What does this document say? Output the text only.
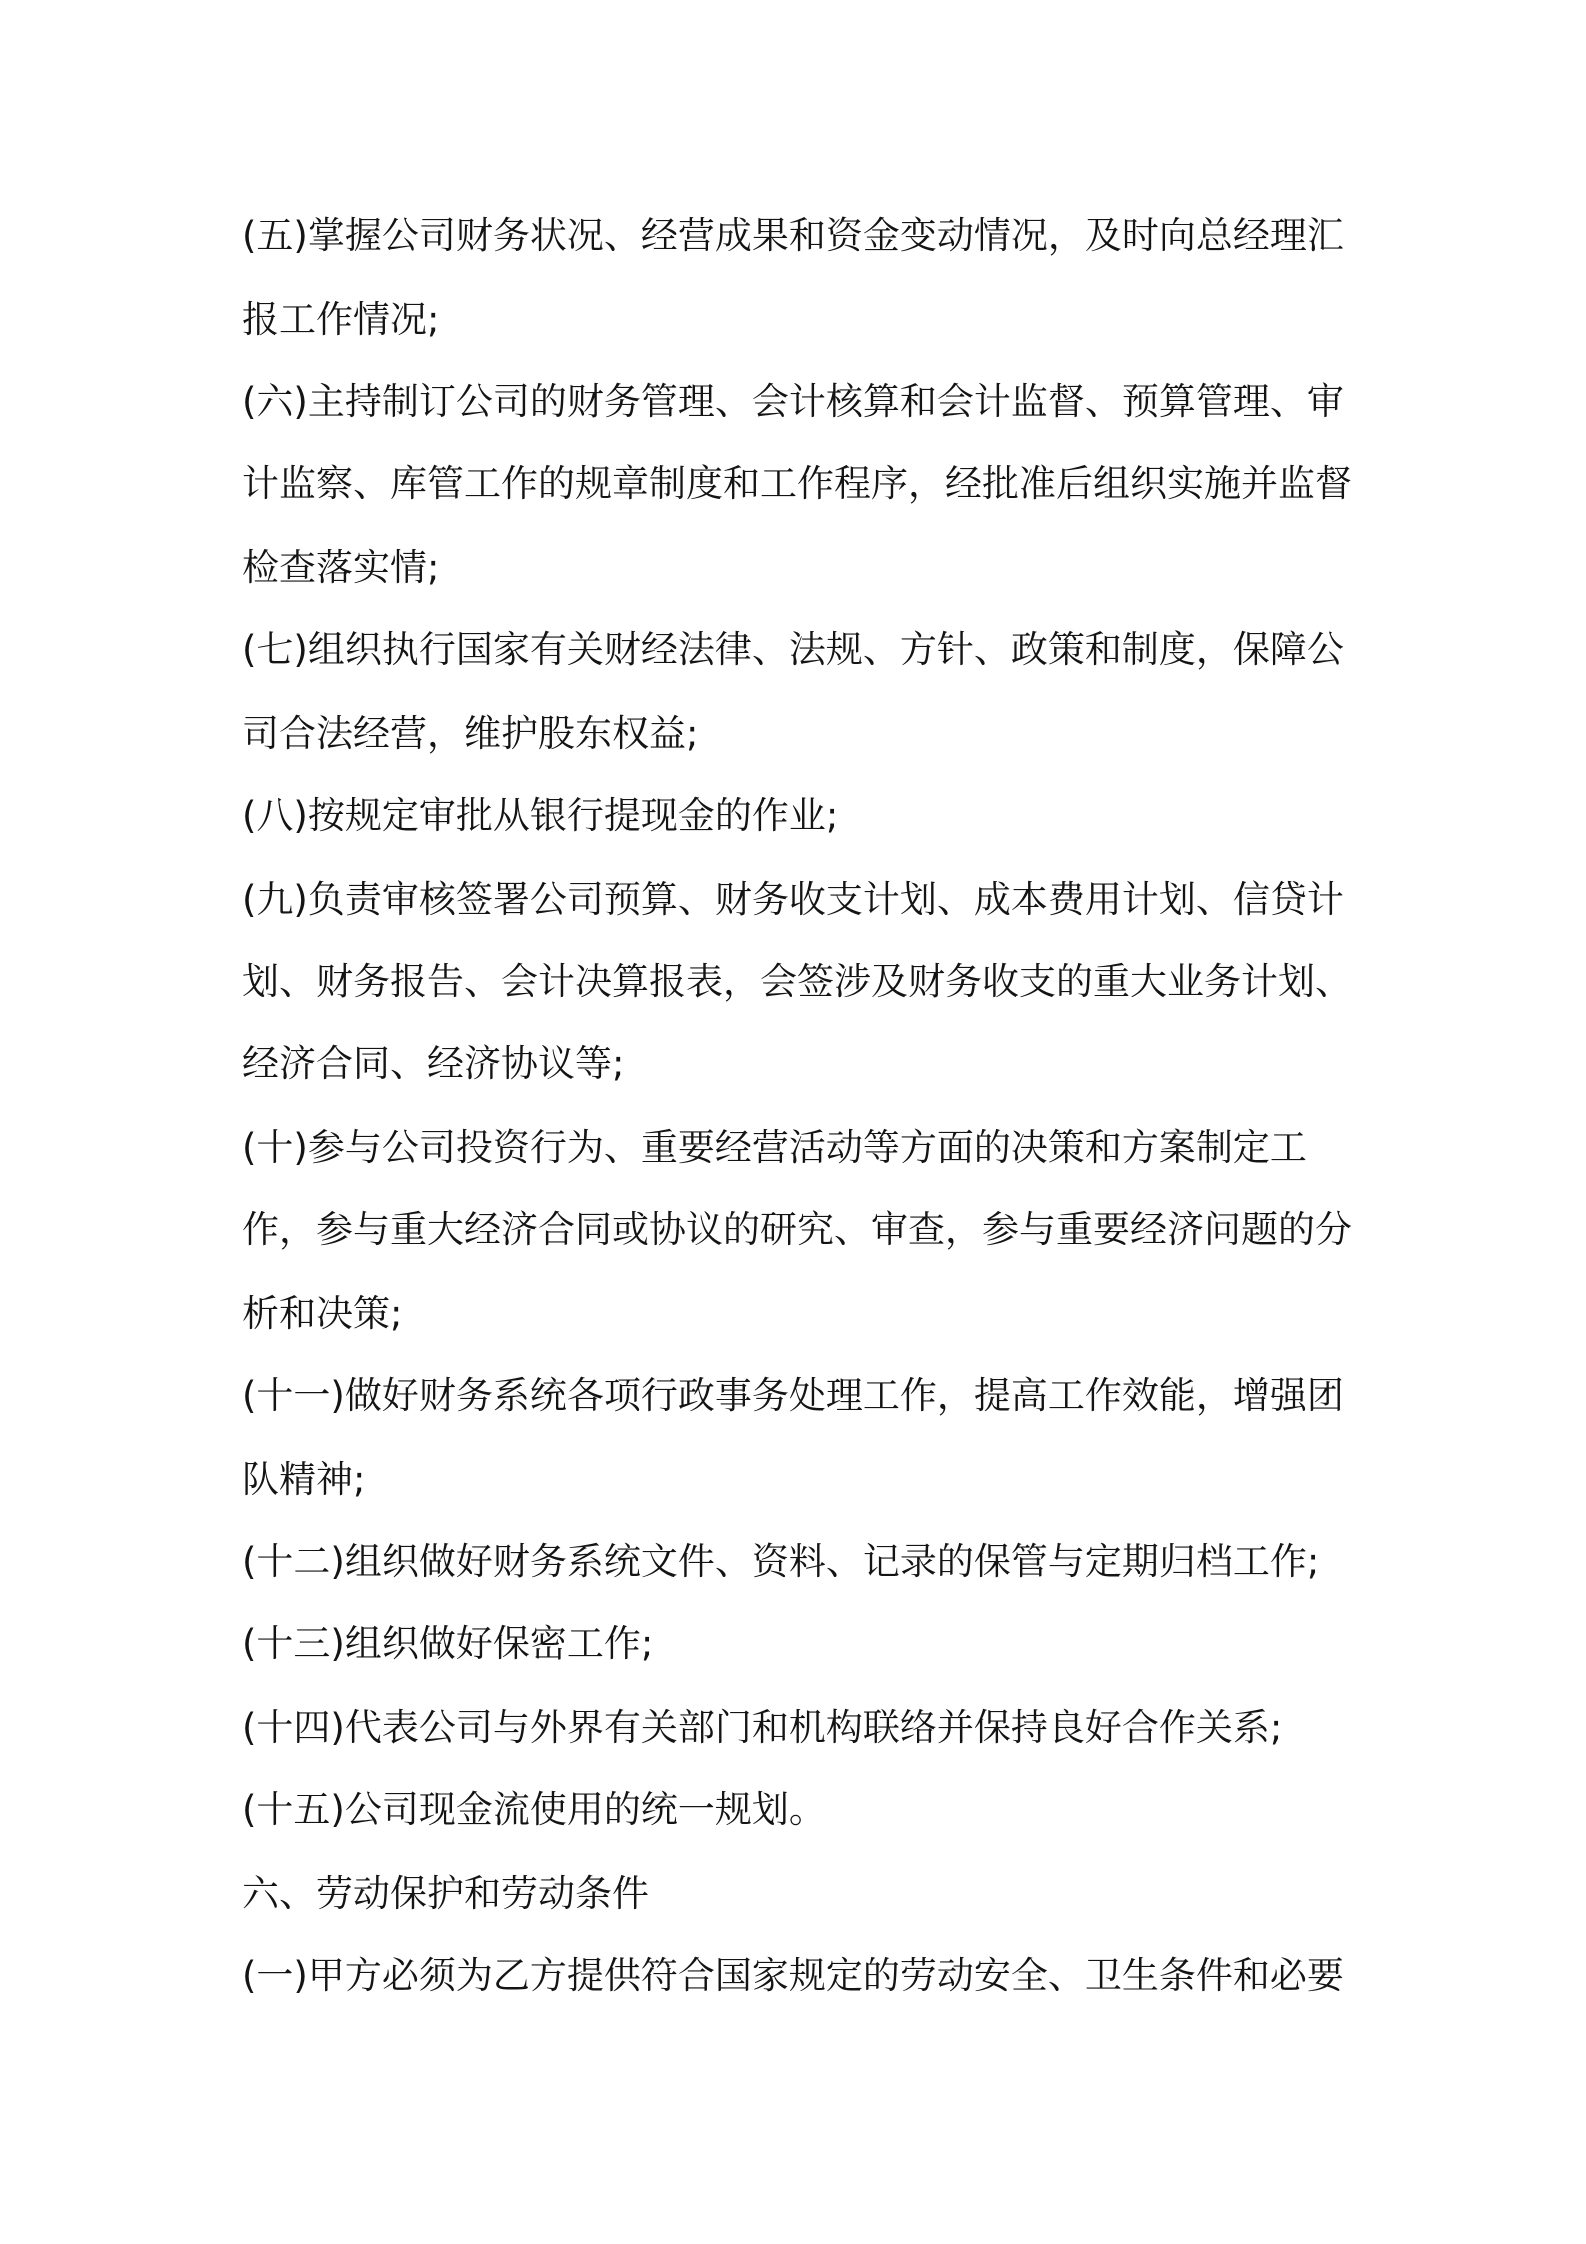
(五)掌握公司财务状况、经营成果和资金变动情况，及时向总经理汇
报工作情况;
(六)主持制订公司的财务管理、会计核算和会计监督、预算管理、审
计监察、库管工作的规章制度和工作程序，经批准后组织实施并监督
检查落实情;
(七)组织执行国家有关财经法律、法规、方针、政策和制度，保障公
司合法经营，维护股东权益;
(八)按规定审批从银行提现金的作业;
(九)负责审核签署公司预算、财务收支计划、成本费用计划、信贷计
划、财务报告、会计决算报表，会签涉及财务收支的重大业务计划、
经济合同、经济协议等;
(十)参与公司投资行为、重要经营活动等方面的决策和方案制定工
作，参与重大经济合同或协议的研究、审查，参与重要经济问题的分
析和决策;
(十一)做好财务系统各项行政事务处理工作，提高工作效能，增强团
队精神;
(十二)组织做好财务系统文件、资料、记录的保管与定期归档工作;
(十三)组织做好保密工作;
(十四)代表公司与外界有关部门和机构联络并保持良好合作关系;
(十五)公司现金流使用的统一规划。
六、劳动保护和劳动条件
(一)甲方必须为乙方提供符合国家规定的劳动安全、卫生条件和必要
